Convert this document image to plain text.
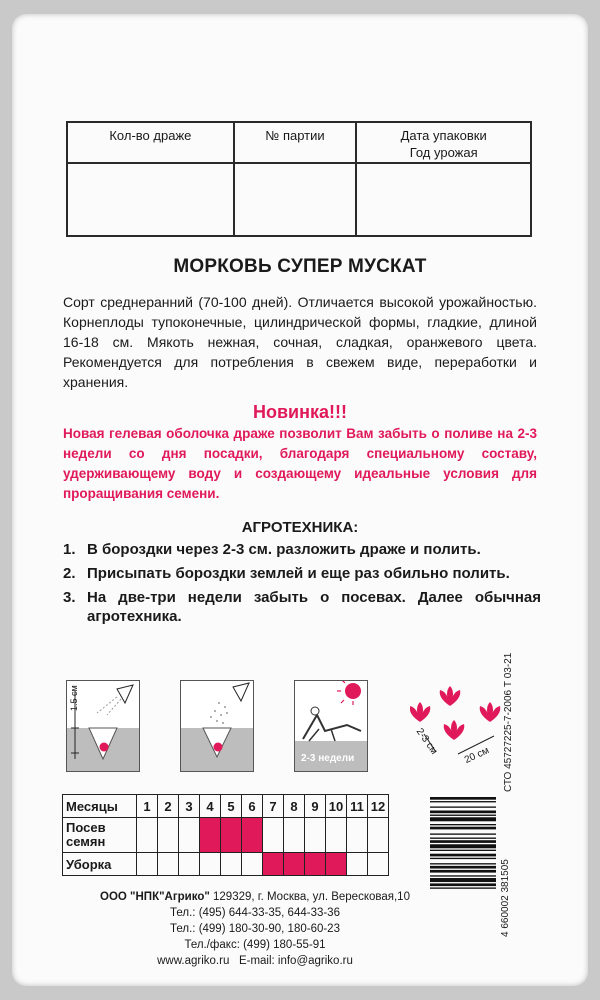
Кол-во драже	№ партии	Дата упаковки
Год урожая

МОРКОВЬ СУПЕР МУСКАТ
Сорт среднеранний (70-100 дней). Отличается высокой урожайностью. Корнеплоды тупоконечные, цилиндрической формы, гладкие, длиной 16-18 см. Мякоть нежная, сочная, сладкая, оранжевого цвета. Рекомендуется для потребления в свежем виде, переработки и хранения.
Новинка!!!
Новая гелевая оболочка драже позволит Вам забыть о поливе на 2-3 недели со дня посадки, благодаря специальному составу, удерживающему воду и создающему идеальные условия для проращивания семени.
АГРОТЕХНИКА:
1. В бороздки через 2-3 см. разложить драже и полить.
2. Присыпать бороздки землей и еще раз обильно полить.
3. На две-три недели забыть о посевах. Далее обычная агротехника.
1.5 см
2-3 недели
2-3 см 20 см СТО 45727225-7-2006 Т 03-21
Месяцы	1	2	3	4	5	6	7	8	9	10	11	12

Посев
семян												

Уборка												
ООО "НПК"Агрико" 129329, г. Москва, ул. Вересковая,10
Тел.: (495) 644-33-35, 644-33-36
Тел.: (499) 180-30-90, 180-60-23
Тел./факс: (499) 180-55-91
www.agriko.ru E-mail: info@agriko.ru
4 660002 381505
